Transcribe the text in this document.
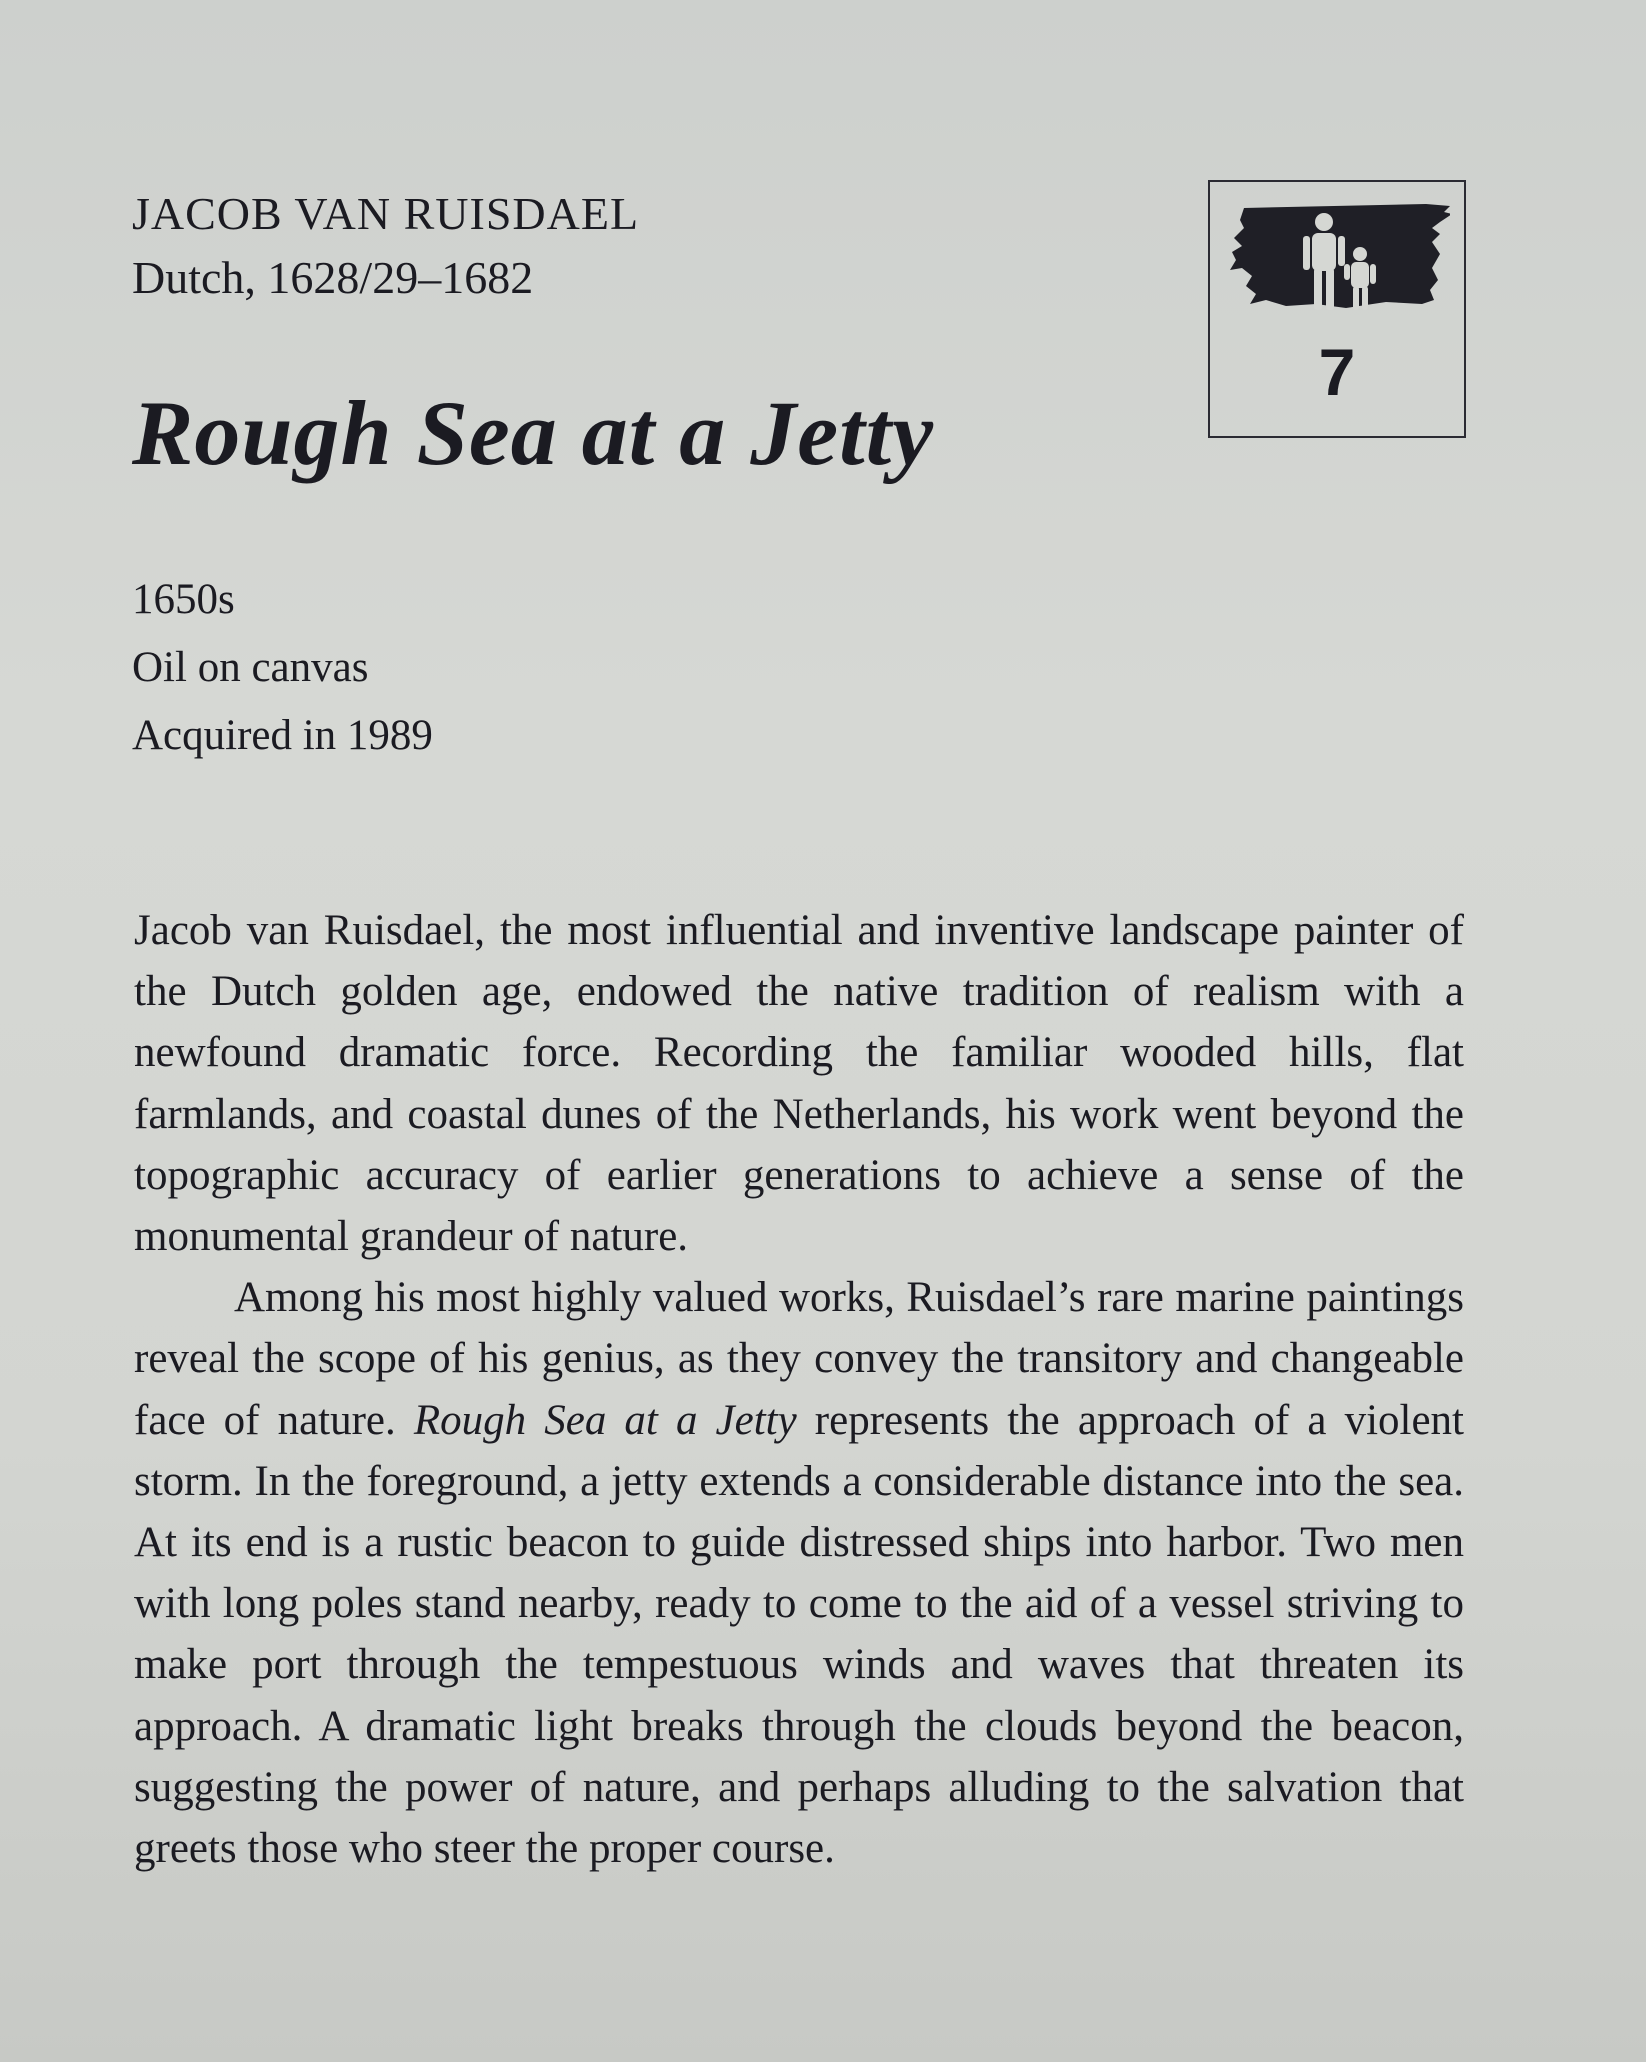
JACOB VAN RUISDAEL
Dutch, 1628/29–1682
Rough Sea at a Jetty
7
1650s
Oil on canvas
Acquired in 1989

Jacob van Ruisdael, the most influential and inventive landscape painter of the Dutch golden age, endowed the native tradition of realism with a newfound dramatic force. Recording the familiar wooded hills, flat farmlands, and coastal dunes of the Netherlands, his work went beyond the topographic accuracy of earlier generations to achieve a sense of the monumental grandeur of nature.

Among his most highly valued works, Ruisdael’s rare marine paintings reveal the scope of his genius, as they convey the transitory and changeable face of nature. Rough Sea at a Jetty represents the approach of a violent storm. In the foreground, a jetty extends a considerable distance into the sea. At its end is a rustic beacon to guide distressed ships into harbor. Two men with long poles stand nearby, ready to come to the aid of a vessel striving to make port through the tempestuous winds and waves that threaten its approach. A dramatic light breaks through the clouds beyond the beacon, suggesting the power of nature, and perhaps alluding to the salvation that greets those who steer the proper course.
